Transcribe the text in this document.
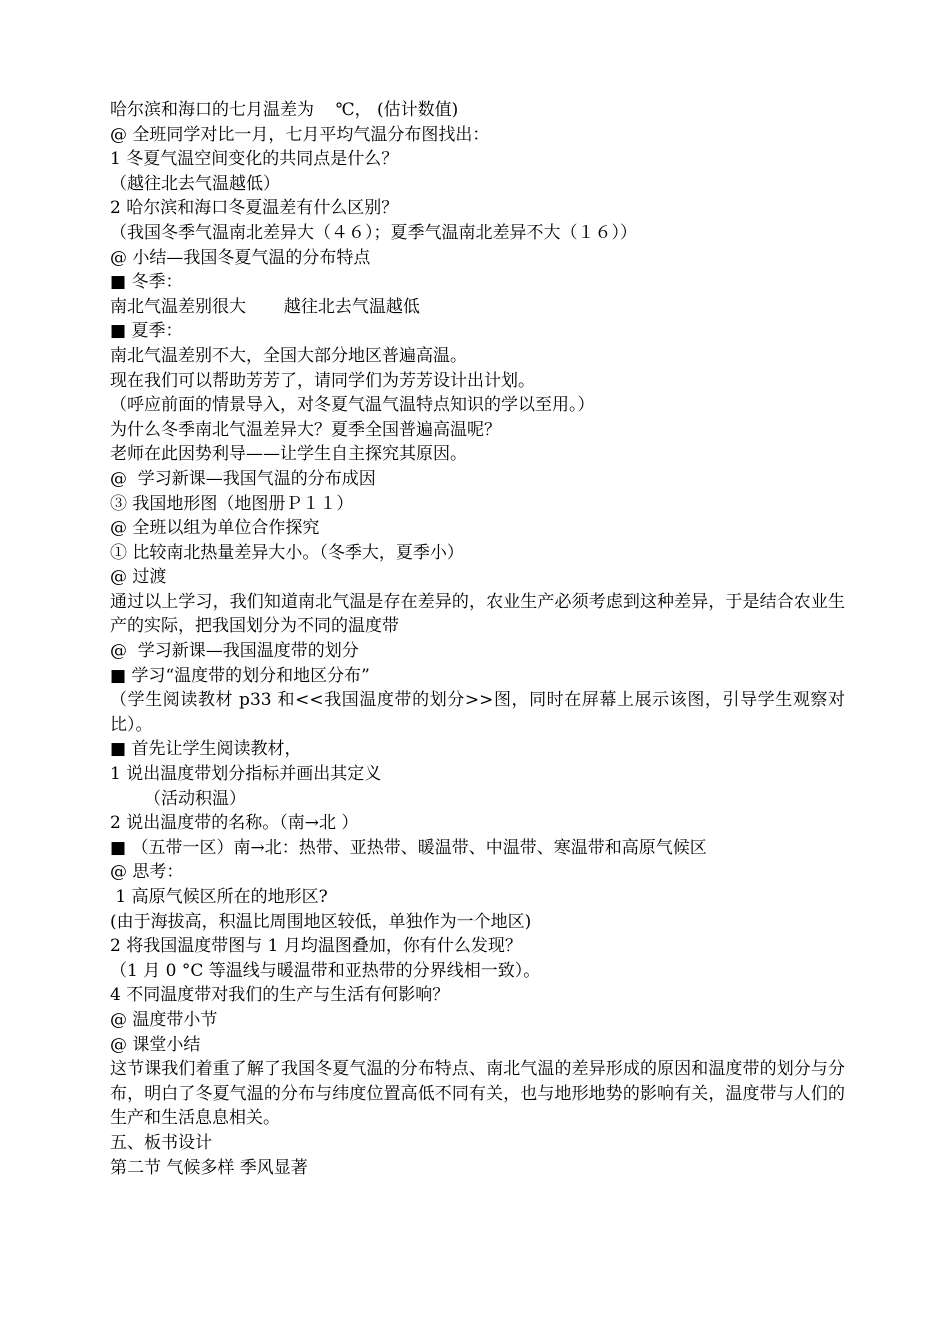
哈尔滨和海口的七月温差为    ℃， (估计数值)
@ 全班同学对比一月，七月平均气温分布图找出：
1 冬夏气温空间变化的共同点是什么？
（越往北去气温越低）
2 哈尔滨和海口冬夏温差有什么区别？
（我国冬季气温南北差异大（４６）；夏季气温南北差异不大（１６））
@ 小结—我国冬夏气温的分布特点
■ 冬季：
南北气温差别很大       越往北去气温越低
■ 夏季：
南北气温差别不大，全国大部分地区普遍高温。
现在我们可以帮助芳芳了，请同学们为芳芳设计出计划。
（呼应前面的情景导入，对冬夏气温气温特点知识的学以至用。）
为什么冬季南北气温差异大？夏季全国普遍高温呢？
老师在此因势利导——让学生自主探究其原因。
@  学习新课—我国气温的分布成因
③ 我国地形图（地图册Ｐ１１）
@ 全班以组为单位合作探究
① 比较南北热量差异大小。（冬季大，夏季小）
@ 过渡
通过以上学习，我们知道南北气温是存在差异的，农业生产必须考虑到这种差异，于是结合农业生产的实际，把我国划分为不同的温度带
@  学习新课—我国温度带的划分
■ 学习“温度带的划分和地区分布”
（学生阅读教材 p33 和<<我国温度带的划分>>图，同时在屏幕上展示该图，引导学生观察对比）。
■ 首先让学生阅读教材，
1 说出温度带划分指标并画出其定义
（活动积温）
2 说出温度带的名称。（南→北 ）
■ （五带一区）南→北：热带、亚热带、暖温带、中温带、寒温带和高原气候区
@ 思考：
1 高原气候区所在的地形区?
(由于海拔高，积温比周围地区较低，单独作为一个地区)
2 将我国温度带图与 1 月均温图叠加，你有什么发现？
（1 月 0 °C 等温线与暖温带和亚热带的分界线相一致）。
4 不同温度带对我们的生产与生活有何影响？
@ 温度带小节
@ 课堂小结
这节课我们着重了解了我国冬夏气温的分布特点、南北气温的差异形成的原因和温度带的划分与分布，明白了冬夏气温的分布与纬度位置高低不同有关，也与地形地势的影响有关，温度带与人们的生产和生活息息相关。
五、板书设计
第二节 气候多样 季风显著
